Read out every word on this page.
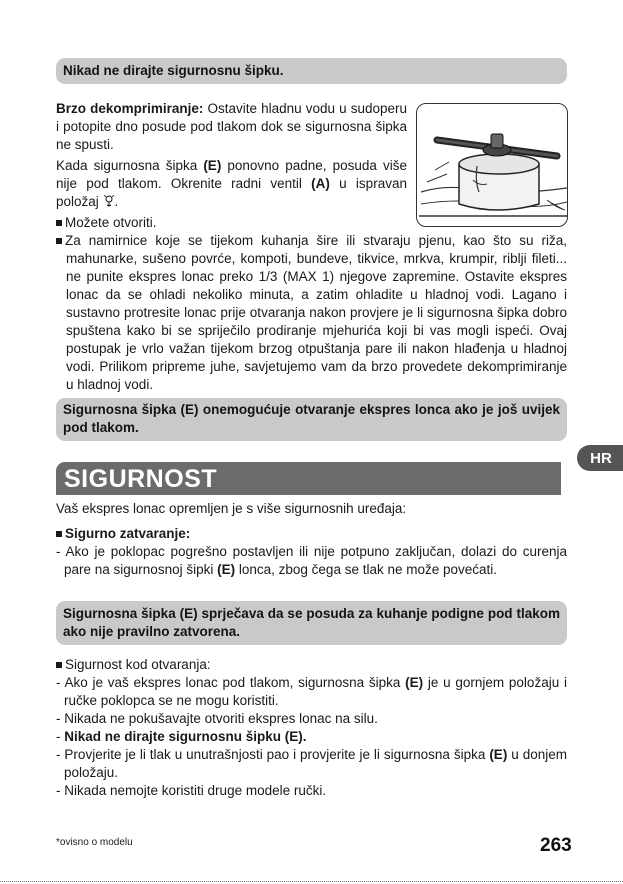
Nikad ne dirajte sigurnosnu šipku.
Brzo dekomprimiranje: Ostavite hladnu vodu u sudoperu i potopite dno posude pod tlakom dok se sigurnosna šipka ne spusti.
Kada sigurnosna šipka (E) ponovno padne, posuda više nije pod tlakom. Okrenite radni ventil (A) u ispravan položaj .
Možete otvoriti.
Za namirnice koje se tijekom kuhanja šire ili stvaraju pjenu, kao što su riža, mahunarke, sušeno povrće, kompoti, bundeve, tikvice, mrkva, krumpir, riblji fileti... ne punite ekspres lonac preko 1/3 (MAX 1) njegove zapremine. Ostavite ekspres lonac da se ohladi nekoliko minuta, a zatim ohladite u hladnoj vodi. Lagano i sustavno protresite lonac prije otvaranja nakon provjere je li sigurnosna šipka dobro spuštena kako bi se spriječilo prodiranje mjehurića koji bi vas mogli ispeći. Ovaj postupak je vrlo važan tijekom brzog otpuštanja pare ili nakon hlađenja u hladnoj vodi. Prilikom pripreme juhe, savjetujemo vam da brzo provedete dekomprimiranje u hladnoj vodi.
Sigurnosna šipka (E) onemogućuje otvaranje ekspres lonca ako je još uvijek pod tlakom.
HR
SIGURNOST
Vaš ekspres lonac opremljen je s više sigurnosnih uređaja:
Sigurno zatvaranje:
- Ako je poklopac pogrešno postavljen ili nije potpuno zaključan, dolazi do curenja pare na sigurnosnoj šipki (E) lonca, zbog čega se tlak ne može povećati.
Sigurnosna šipka (E) sprječava da se posuda za kuhanje podigne pod tlakom ako nije pravilno zatvorena.
Sigurnost kod otvaranja:
- Ako je vaš ekspres lonac pod tlakom, sigurnosna šipka (E) je u gornjem položaju i ručke poklopca se ne mogu koristiti.
- Nikada ne pokušavajte otvoriti ekspres lonac na silu.
- Nikad ne dirajte sigurnosnu šipku (E).
- Provjerite je li tlak u unutrašnjosti pao i provjerite je li sigurnosna šipka (E) u donjem položaju.
- Nikada nemojte koristiti druge modele ručki.
*ovisno o modelu	263
